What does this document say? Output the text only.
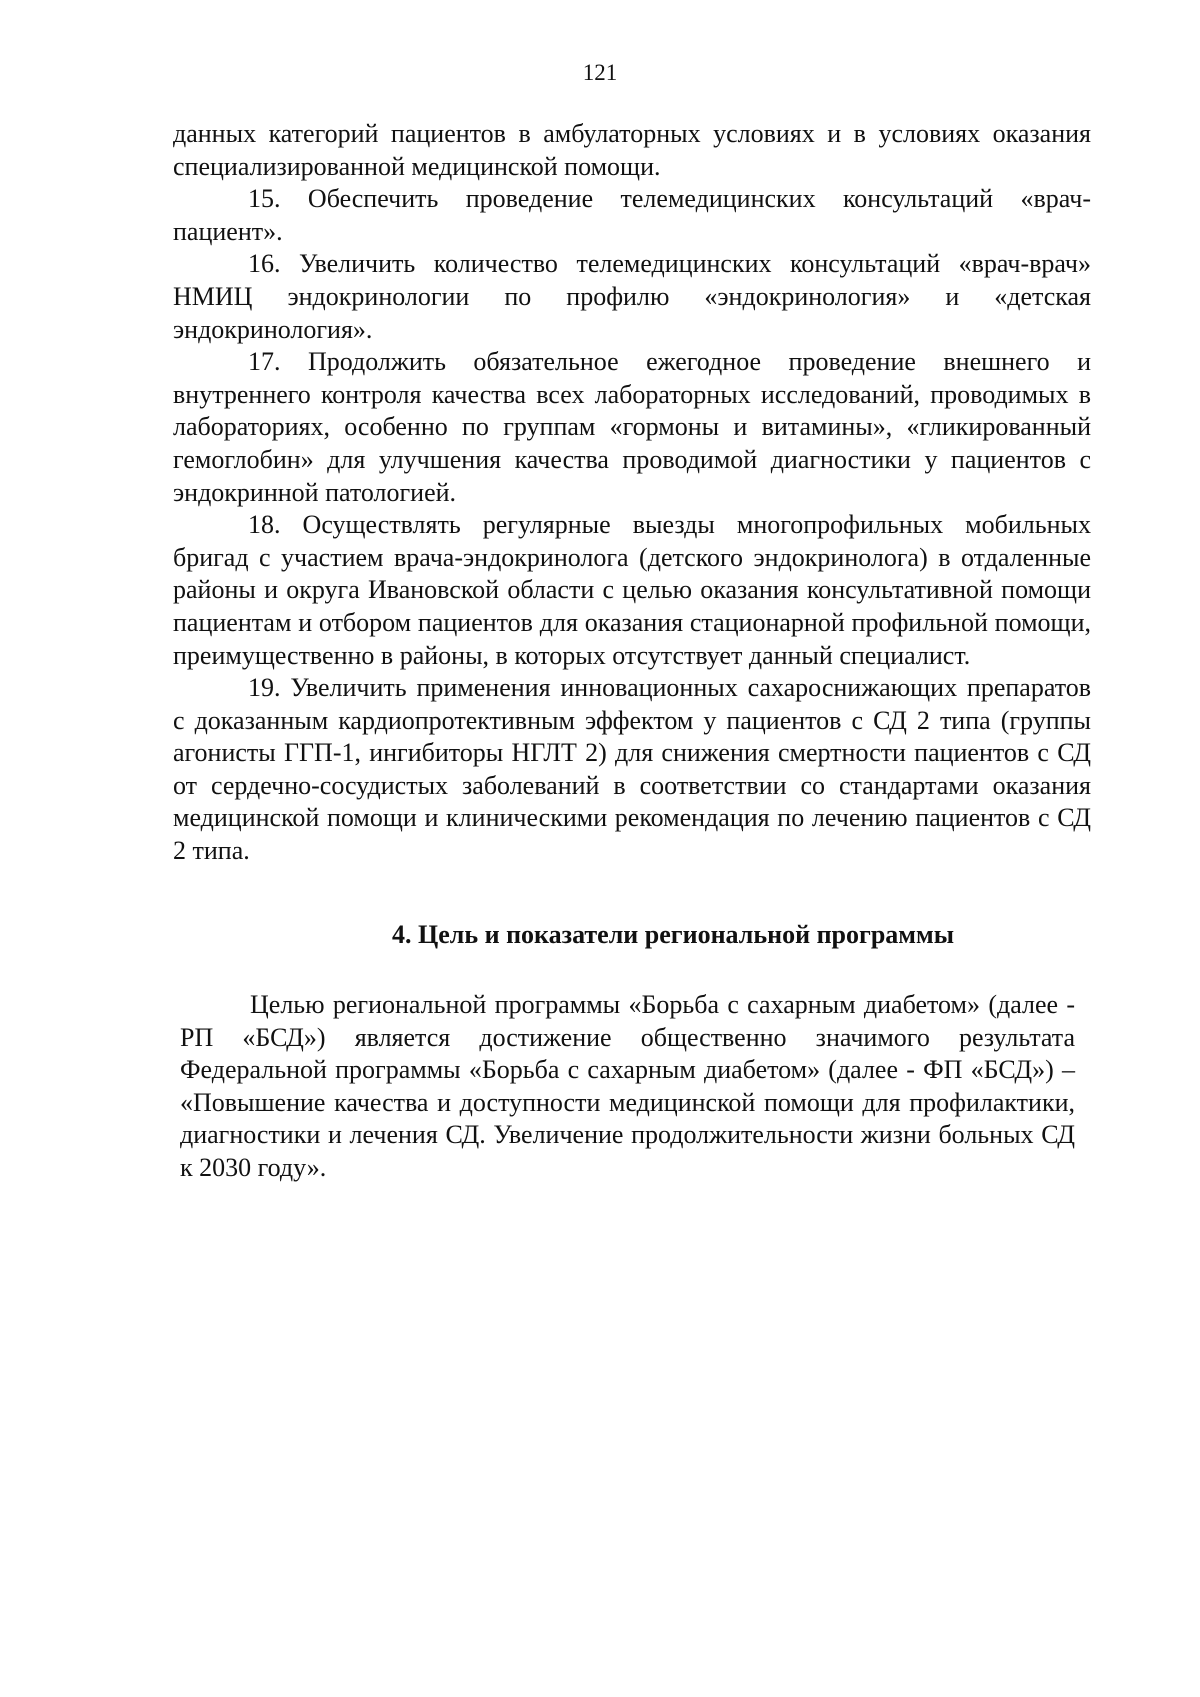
121

данных категорий пациентов в амбулаторных условиях и в условиях оказания специализированной медицинской помощи.

15. Обеспечить проведение телемедицинских консультаций «врач-пациент».

16. Увеличить количество телемедицинских консультаций «врач-врач» НМИЦ эндокринологии по профилю «эндокринология» и «детская эндокринология».

17. Продолжить обязательное ежегодное проведение внешнего и внутреннего контроля качества всех лабораторных исследований, проводимых в лабораториях, особенно по группам «гормоны и витамины», «гликированный гемоглобин» для улучшения качества проводимой диагностики у пациентов с эндокринной патологией.

18. Осуществлять регулярные выезды многопрофильных мобильных бригад с участием врача-эндокринолога (детского эндокринолога) в отдаленные районы и округа Ивановской области с целью оказания консультативной помощи пациентам и отбором пациентов для оказания стационарной профильной помощи, преимущественно в районы, в которых отсутствует данный специалист.

19. Увеличить применения инновационных сахароснижающих препаратов с доказанным кардиопротективным эффектом у пациентов с СД 2 типа (группы агонисты ГГП-1, ингибиторы НГЛТ 2) для снижения смертности пациентов с СД от сердечно-сосудистых заболеваний в соответствии со стандартами оказания медицинской помощи и клиническими рекомендация по лечению пациентов с СД 2 типа.

4. Цель и показатели региональной программы

Целью региональной программы «Борьба с сахарным диабетом» (далее - РП «БСД») является достижение общественно значимого результата Федеральной программы «Борьба с сахарным диабетом» (далее - ФП «БСД») – «Повышение качества и доступности медицинской помощи для профилактики, диагностики и лечения СД. Увеличение продолжительности жизни больных СД к 2030 году».
